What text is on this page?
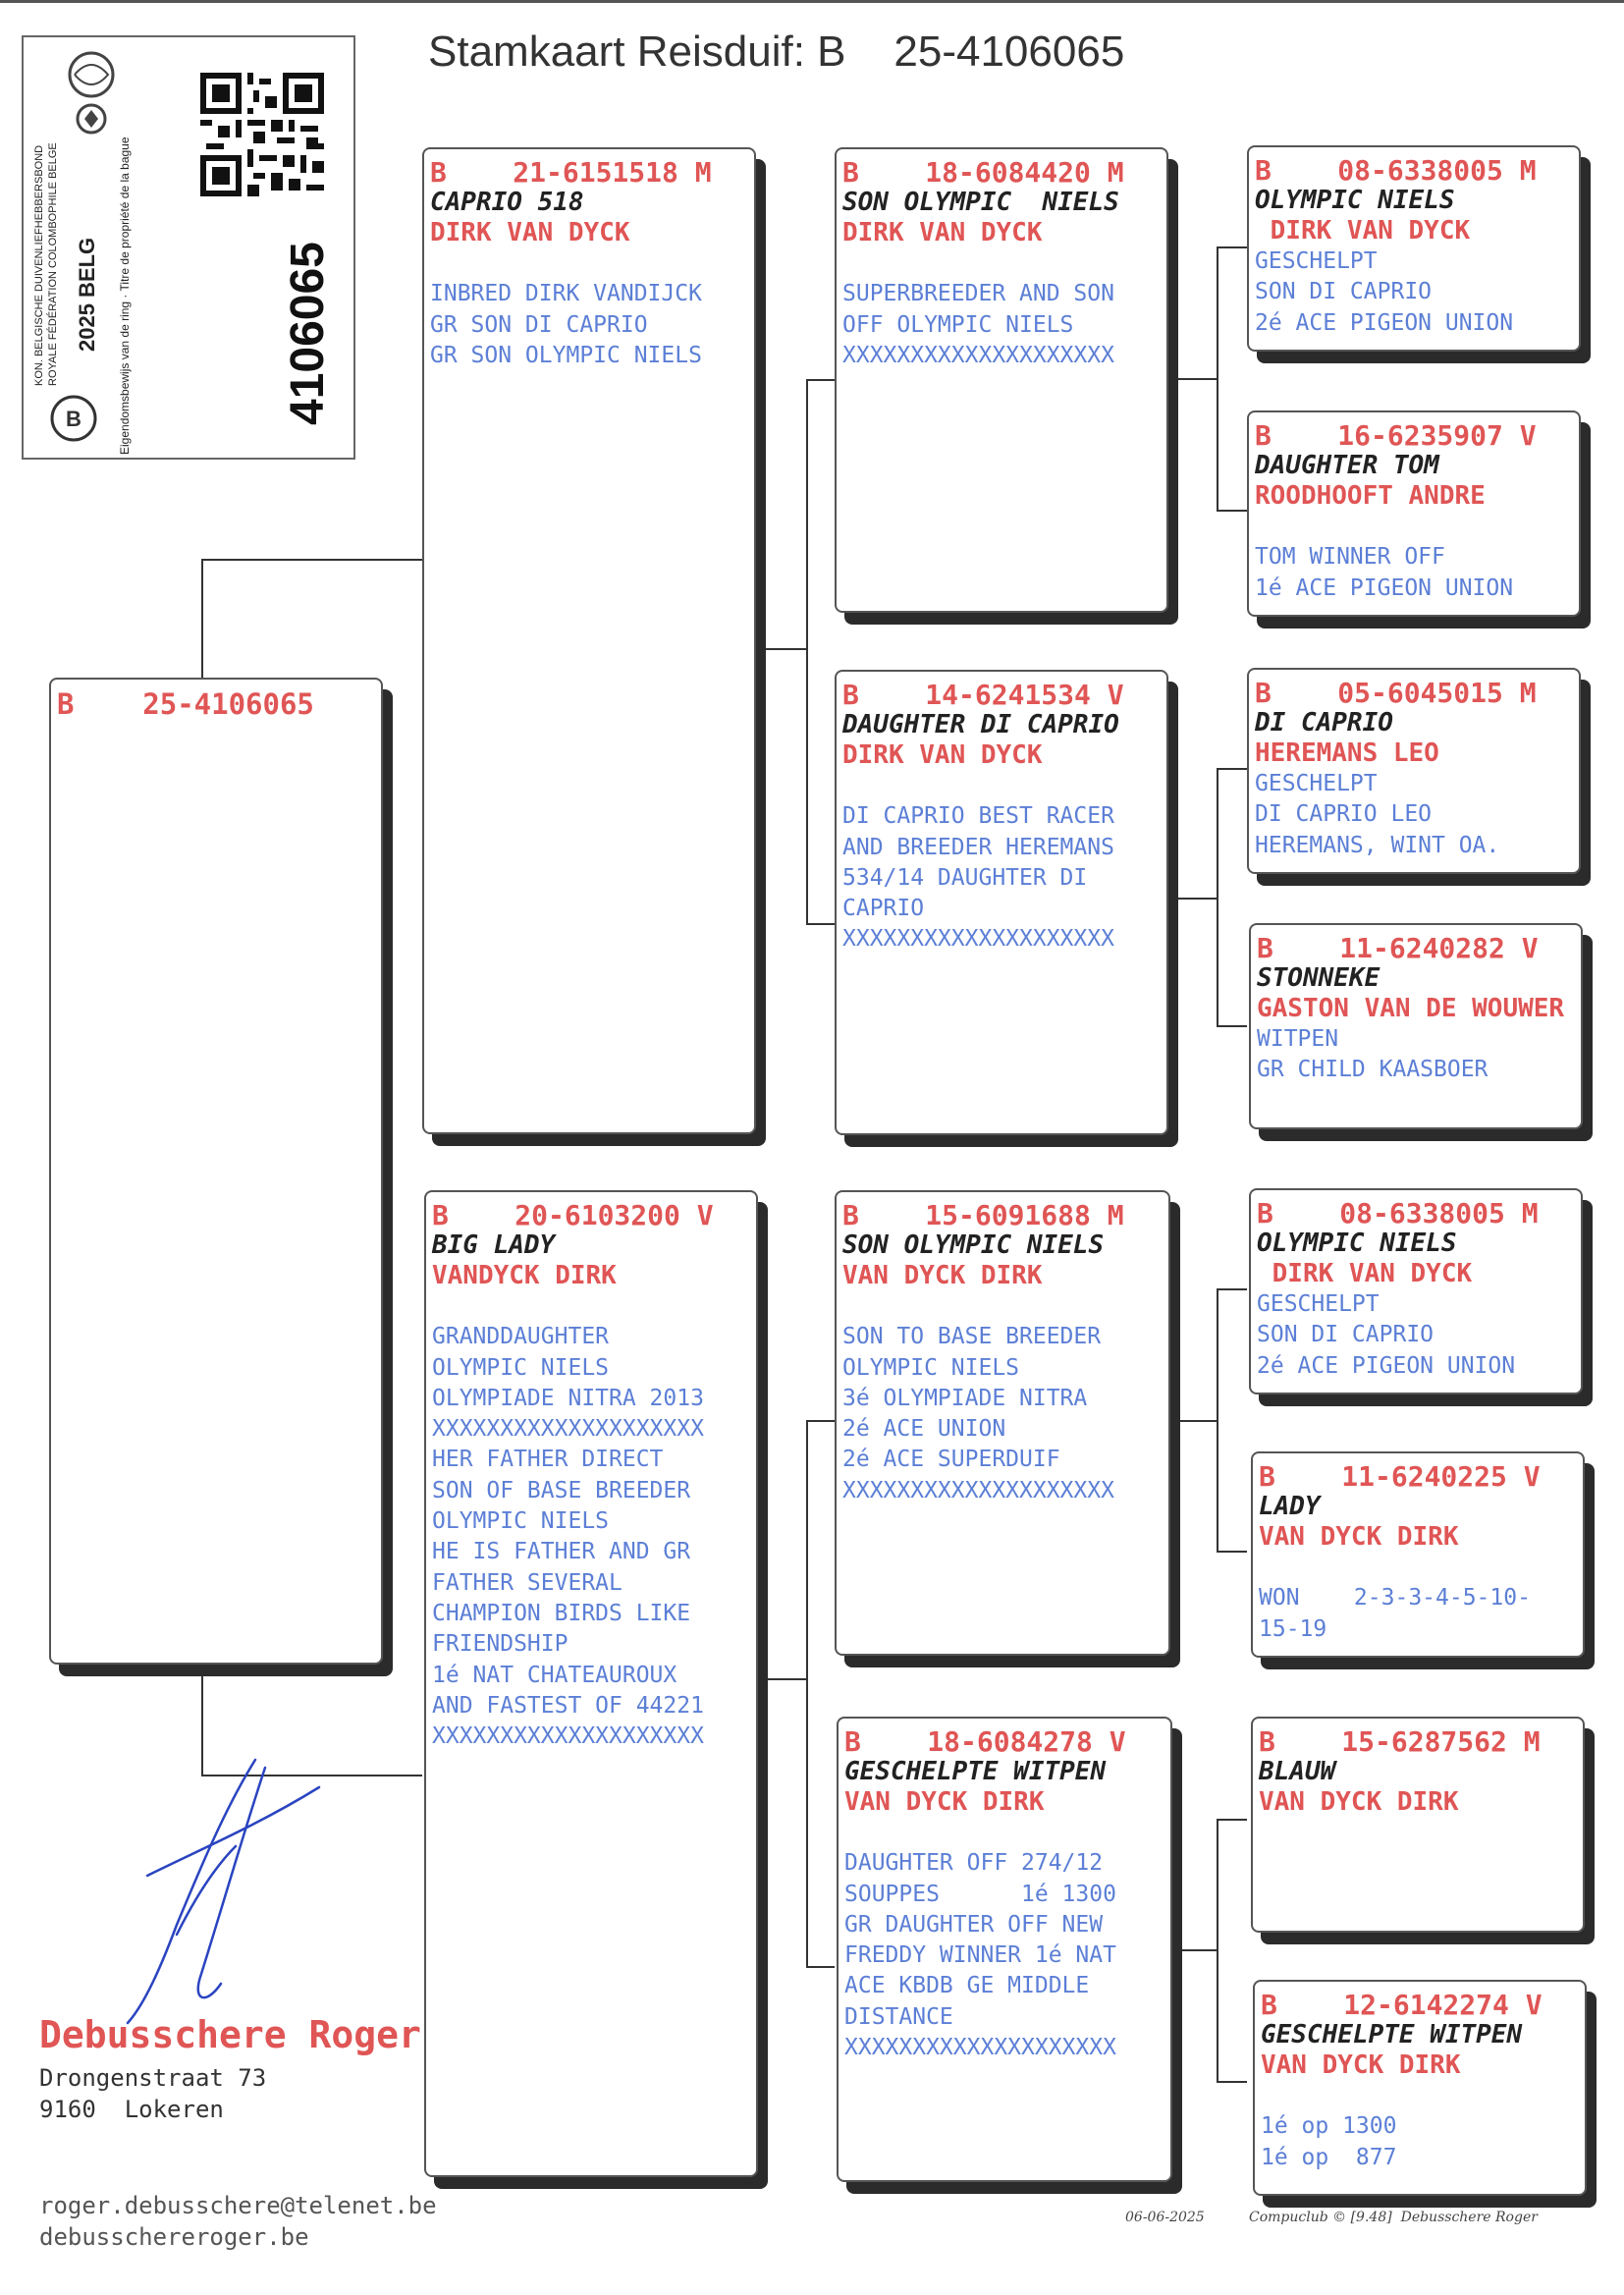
Stamkaart Reisduif: B    25-4106065
B
KON. BELGISCHE DUIVENLIEFHEBBERSBOND ROYALE FÉDÉRATION COLOMBOPHILE BELGE 2025 BELG Eigendomsbewijs van de ring · Titre de propriété de la bague	4106065
B    25-4106065
B    21-6151518 M
CAPRIO 518
DIRK VAN DYCK

INBRED DIRK VANDIJCK
GR SON DI CAPRIO
GR SON OLYMPIC NIELS
B    20-6103200 V
BIG LADY
VANDYCK DIRK

GRANDDAUGHTER
OLYMPIC NIELS
OLYMPIADE NITRA 2013
XXXXXXXXXXXXXXXXXXXX
HER FATHER DIRECT
SON OF BASE BREEDER
OLYMPIC NIELS
HE IS FATHER AND GR
FATHER SEVERAL
CHAMPION BIRDS LIKE
FRIENDSHIP
1é NAT CHATEAUROUX
AND FASTEST OF 44221
XXXXXXXXXXXXXXXXXXXX
B    18-6084420 M
SON OLYMPIC  NIELS
DIRK VAN DYCK

SUPERBREEDER AND SON
OFF OLYMPIC NIELS
XXXXXXXXXXXXXXXXXXXX
B    14-6241534 V
DAUGHTER DI CAPRIO
DIRK VAN DYCK

DI CAPRIO BEST RACER
AND BREEDER HEREMANS
534/14 DAUGHTER DI
CAPRIO
XXXXXXXXXXXXXXXXXXXX
B    15-6091688 M
SON OLYMPIC NIELS
VAN DYCK DIRK

SON TO BASE BREEDER
OLYMPIC NIELS
3é OLYMPIADE NITRA
2é ACE UNION
2é ACE SUPERDUIF
XXXXXXXXXXXXXXXXXXXX
B    18-6084278 V
GESCHELPTE WITPEN
VAN DYCK DIRK

DAUGHTER OFF 274/12
SOUPPES      1é 1300
GR DAUGHTER OFF NEW
FREDDY WINNER 1é NAT
ACE KBDB GE MIDDLE
DISTANCE
XXXXXXXXXXXXXXXXXXXX
B    08-6338005 M
OLYMPIC NIELS
DIRK VAN DYCK
GESCHELPT
SON DI CAPRIO
2é ACE PIGEON UNION
B    16-6235907 V
DAUGHTER TOM
ROODHOOFT ANDRE

TOM WINNER OFF
1é ACE PIGEON UNION
B    05-6045015 M
DI CAPRIO
HEREMANS LEO
GESCHELPT
DI CAPRIO LEO
HEREMANS, WINT OA.
B    11-6240282 V
STONNEKE
GASTON VAN DE WOUWER
WITPEN
GR CHILD KAASBOER
B    08-6338005 M
OLYMPIC NIELS
DIRK VAN DYCK
GESCHELPT
SON DI CAPRIO
2é ACE PIGEON UNION
B    11-6240225 V
LADY
VAN DYCK DIRK

WON    2-3-3-4-5-10-
15-19
B    15-6287562 M
BLAUW
VAN DYCK DIRK
B    12-6142274 V
GESCHELPTE WITPEN
VAN DYCK DIRK

1é op 1300
1é op  877
Debusschere Roger
Drongenstraat 73
9160  Lokeren
roger.debusschere@telenet.be
debusschereroger.be
06-06-2025	Compuclub © [9.48]  Debusschere Roger
